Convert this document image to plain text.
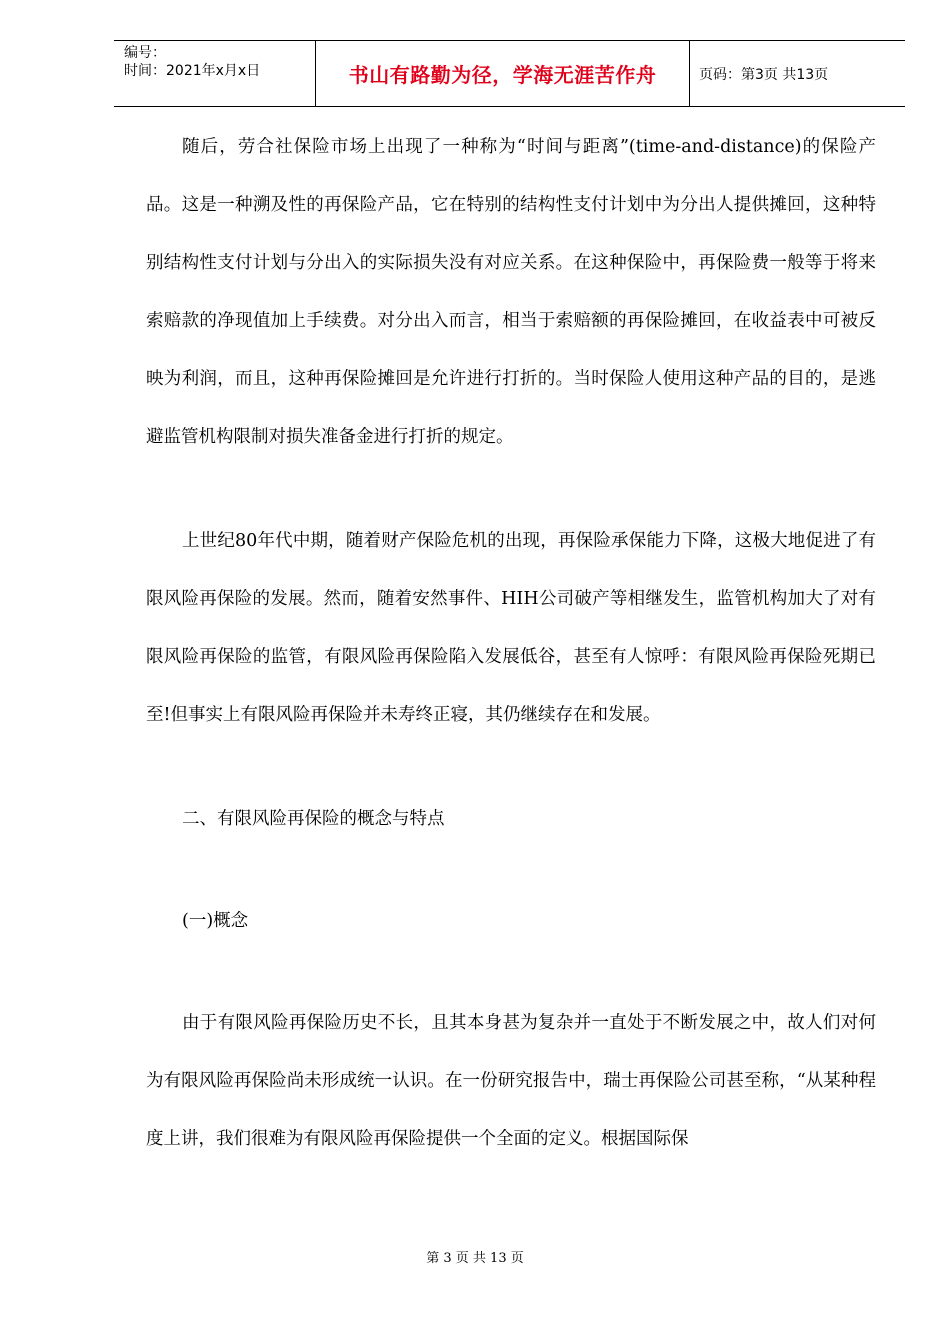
编号：
时间：2021年x月x日	书山有路勤为径，学海无涯苦作舟	页码：第3页 共13页

随后，劳合社保险市场上出现了一种称为“时间与距离”(time-and-distance)的保险产品。这是一种溯及性的再保险产品，它在特别的结构性支付计划中为分出人提供摊回，这种特别结构性支付计划与分出入的实际损失没有对应关系。在这种保险中，再保险费一般等于将来索赔款的净现值加上手续费。对分出入而言，相当于索赔额的再保险摊回，在收益表中可被反映为利润，而且，这种再保险摊回是允许进行打折的。当时保险人使用这种产品的目的，是逃避监管机构限制对损失准备金进行打折的规定。

上世纪80年代中期，随着财产保险危机的出现，再保险承保能力下降，这极大地促进了有限风险再保险的发展。然而，随着安然事件、HIH公司破产等相继发生，监管机构加大了对有限风险再保险的监管，有限风险再保险陷入发展低谷，甚至有人惊呼：有限风险再保险死期已至!但事实上有限风险再保险并未寿终正寝，其仍继续存在和发展。

二、有限风险再保险的概念与特点

(一)概念

由于有限风险再保险历史不长，且其本身甚为复杂并一直处于不断发展之中，故人们对何为有限风险再保险尚未形成统一认识。在一份研究报告中，瑞士再保险公司甚至称，“从某种程度上讲，我们很难为有限风险再保险提供一个全面的定义。根据国际保

第 3 页 共 13 页
